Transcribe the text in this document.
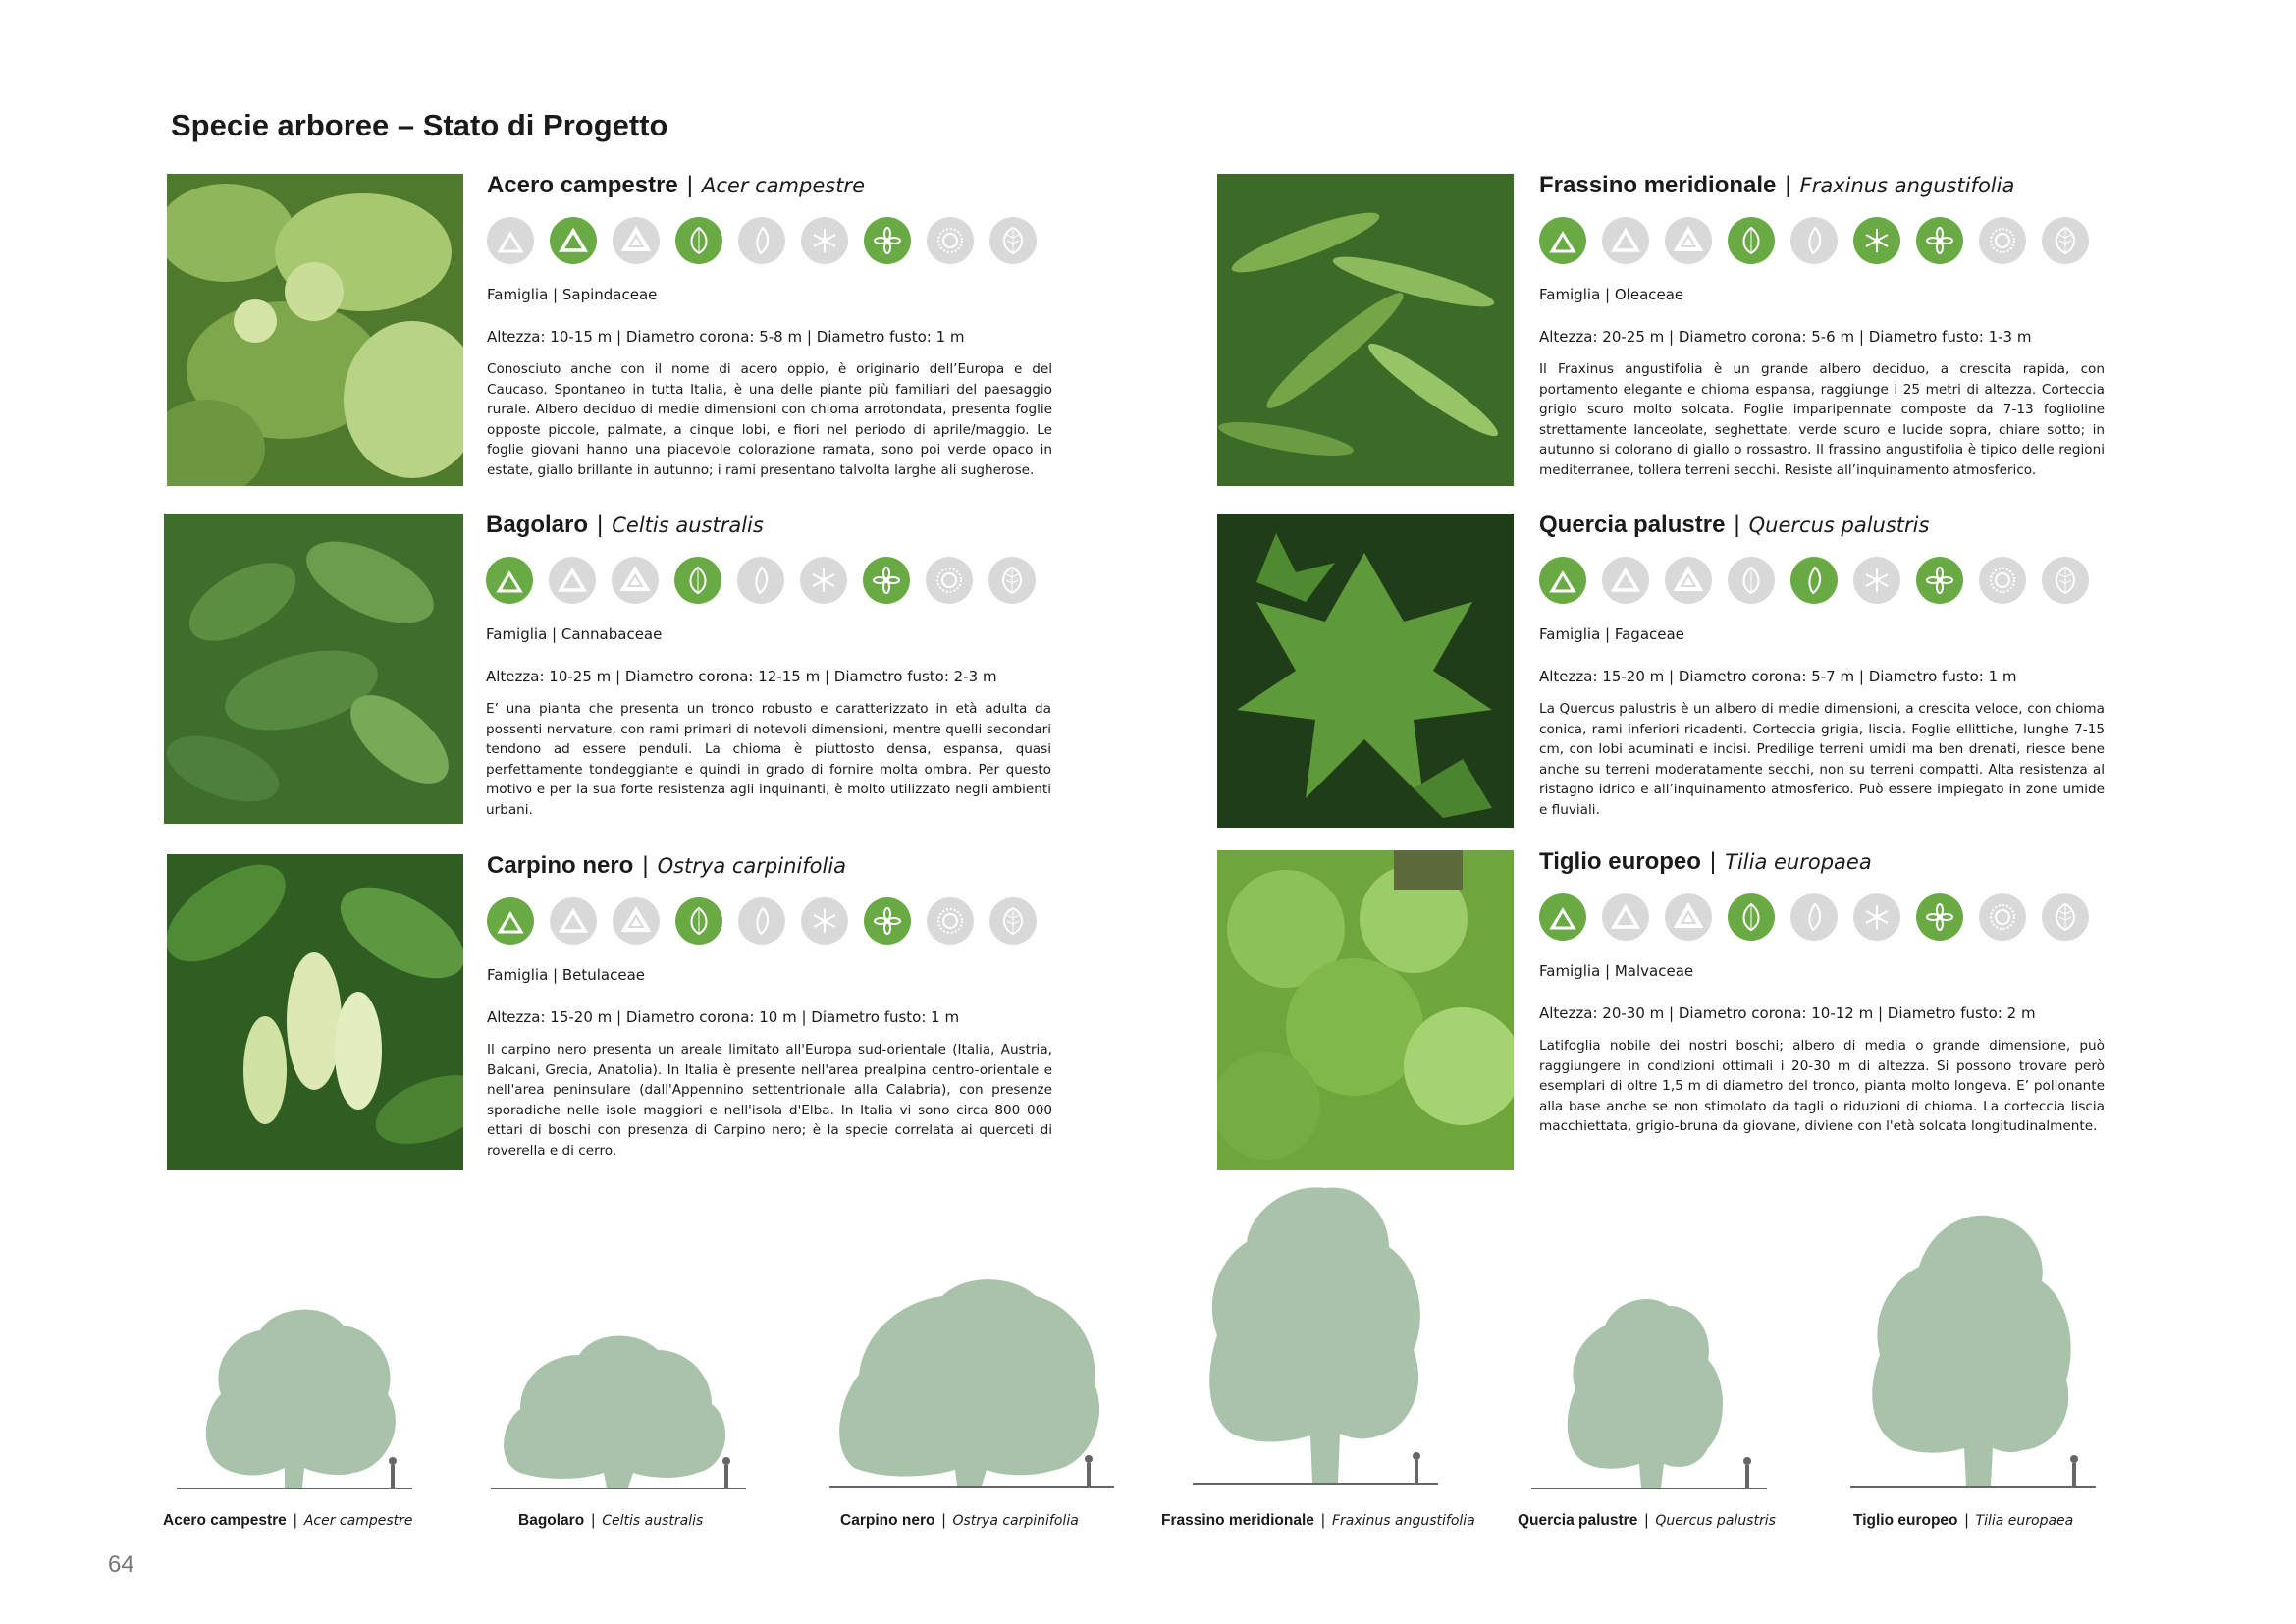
Specie arboree – Stato di Progetto
Acero campestre | Acer campestre
Famiglia | Sapindaceae
Altezza: 10-15 m | Diametro corona: 5-8 m | Diametro fusto: 1 m
Conosciuto anche con il nome di acero oppio, è originario dell’Europa e del Caucaso. Spontaneo in tutta Italia, è una delle piante più familiari del paesaggio rurale. Albero deciduo di medie dimensioni con chioma arrotondata, presenta foglie opposte piccole, palmate, a cinque lobi, e fiori nel periodo di aprile/maggio. Le foglie giovani hanno una piacevole colorazione ramata, sono poi verde opaco in estate, giallo brillante in autunno; i rami presentano talvolta larghe ali sugherose.
Bagolaro | Celtis australis
Famiglia | Cannabaceae
Altezza: 10-25 m | Diametro corona: 12-15 m | Diametro fusto: 2-3 m
E’ una pianta che presenta un tronco robusto e caratterizzato in età adulta da possenti nervature, con rami primari di notevoli dimensioni, mentre quelli secondari tendono ad essere penduli. La chioma è piuttosto densa, espansa, quasi perfettamente tondeggiante e quindi in grado di fornire molta ombra. Per questo motivo e per la sua forte resistenza agli inquinanti, è molto utilizzato negli ambienti urbani.
Carpino nero | Ostrya carpinifolia
Famiglia | Betulaceae
Altezza: 15-20 m | Diametro corona: 10 m | Diametro fusto: 1 m
Il carpino nero presenta un areale limitato all'Europa sud-orientale (Italia, Austria, Balcani, Grecia, Anatolia). In Italia è presente nell'area prealpina centro-orientale e nell'area peninsulare (dall'Appennino settentrionale alla Calabria), con presenze sporadiche nelle isole maggiori e nell'isola d'Elba. In Italia vi sono circa 800 000 ettari di boschi con presenza di Carpino nero; è la specie correlata ai querceti di roverella e di cerro.
Frassino meridionale | Fraxinus angustifolia
Famiglia | Oleaceae
Altezza: 20-25 m | Diametro corona: 5-6 m | Diametro fusto: 1-3 m
Il Fraxinus angustifolia è un grande albero deciduo, a crescita rapida, con portamento elegante e chioma espansa, raggiunge i 25 metri di altezza. Corteccia grigio scuro molto solcata. Foglie imparipennate composte da 7-13 foglioline strettamente lanceolate, seghettate, verde scuro e lucide sopra, chiare sotto; in autunno si colorano di giallo o rossastro. Il frassino angustifolia è tipico delle regioni mediterranee, tollera terreni secchi. Resiste all’inquinamento atmosferico.
Quercia palustre | Quercus palustris
Famiglia | Fagaceae
Altezza: 15-20 m | Diametro corona: 5-7 m | Diametro fusto: 1 m
La Quercus palustris è un albero di medie dimensioni, a crescita veloce, con chioma conica, rami inferiori ricadenti. Corteccia grigia, liscia. Foglie ellittiche, lunghe 7-15 cm, con lobi acuminati e incisi. Predilige terreni umidi ma ben drenati, riesce bene anche su terreni moderatamente secchi, non su terreni compatti. Alta resistenza al ristagno idrico e all’inquinamento atmosferico. Può essere impiegato in zone umide e fluviali.
Tiglio europeo | Tilia europaea
Famiglia | Malvaceae
Altezza: 20-30 m | Diametro corona: 10-12 m | Diametro fusto: 2 m
Latifoglia nobile dei nostri boschi; albero di media o grande dimensione, può raggiungere in condizioni ottimali i 20-30 m di altezza. Si possono trovare però esemplari di oltre 1,5 m di diametro del tronco, pianta molto longeva. E’ pollonante alla base anche se non stimolato da tagli o riduzioni di chioma. La corteccia liscia macchiettata, grigio-bruna da giovane, diviene con l'età solcata longitudinalmente.
Acero campestre | Acer campestre	Bagolaro | Celtis australis	Carpino nero | Ostrya carpinifolia	Frassino meridionale | Fraxinus angustifolia	Quercia palustre | Quercus palustris	Tiglio europeo | Tilia europaea
64
